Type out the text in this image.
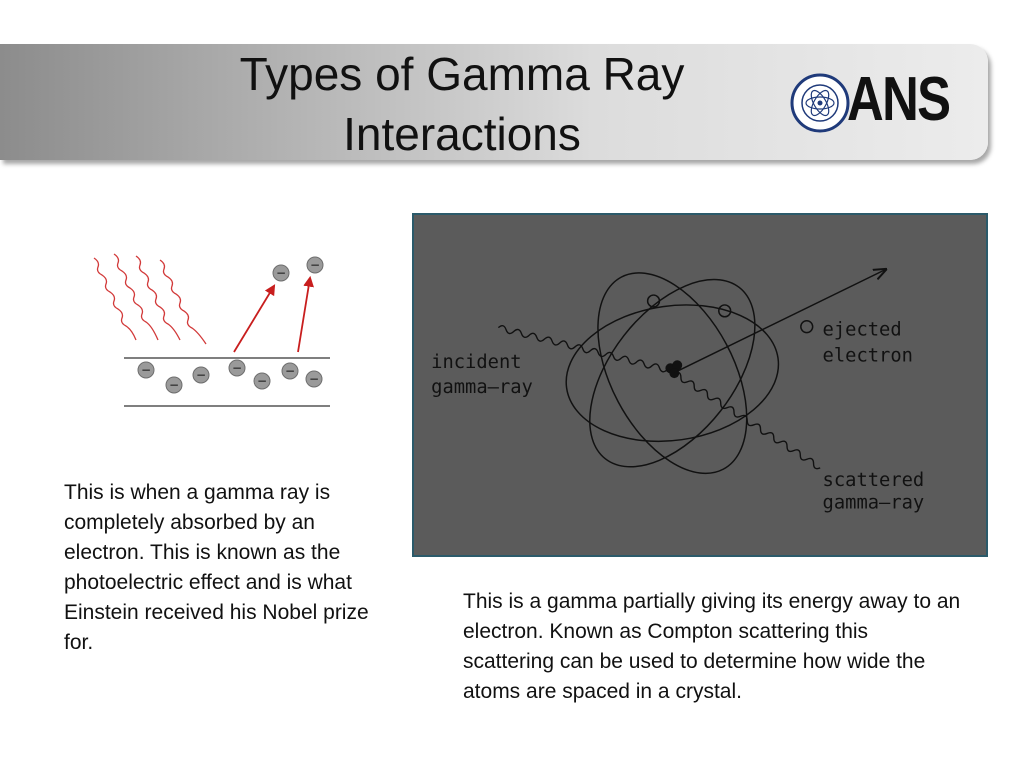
Types of Gamma Ray
Interactions	ANS
−
−
− −
−
−
−
−
−
incident
gamma—ray
ejected
electron
scattered
gamma—ray
This is when a gamma ray is completely absorbed by an electron. This is known as the photoelectric effect and is what Einstein received his Nobel prize for.
This is a gamma partially giving its energy away to an electron. Known as Compton scattering this scattering can be used to determine how wide the atoms are spaced in a crystal.
